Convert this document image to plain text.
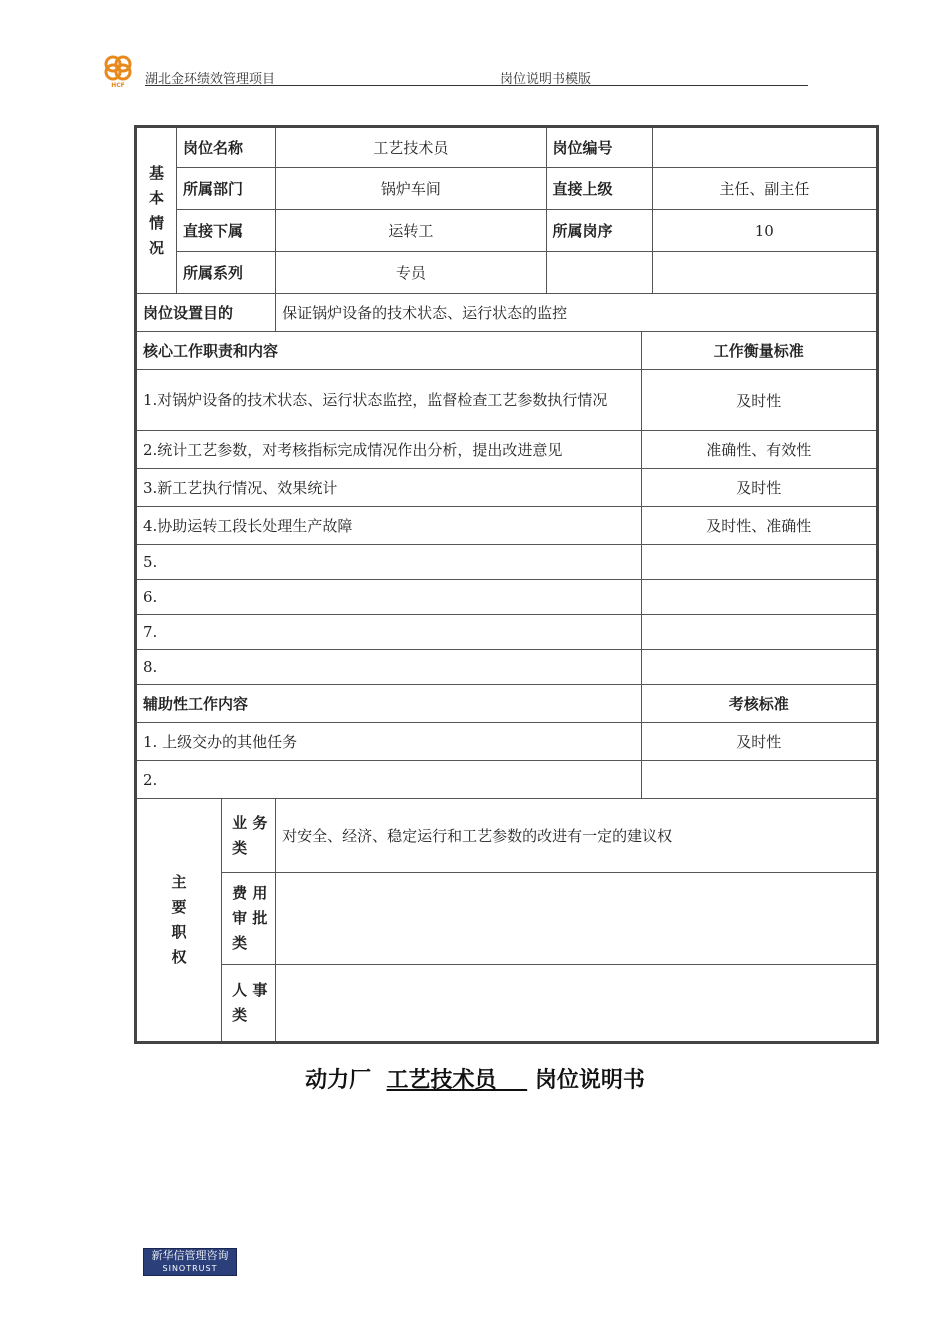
HCF 湖北金环绩效管理项目	岗位说明书模版
基
本
情
况	岗位名称		工艺技术员	岗位编号		
	所属部门		锅炉车间	直接上级		主任、副主任
	直接下属		运转工	所属岗序		10
	所属系列		专员			
岗位设置目的			保证锅炉设备的技术状态、运行状态的监控			
核心工作职责和内容					工作衡量标准	
1.对锅炉设备的技术状态、运行状态监控，监督检查工艺参数执行情况					及时性	
2.统计工艺参数，对考核指标完成情况作出分析，提出改进意见					准确性、有效性	
3.新工艺执行情况、效果统计					及时性	
4.协助运转工段长处理生产故障					及时性、准确性	
5.						
6.						
7.						
8.						
辅助性工作内容					考核标准	
1. 上级交办的其他任务					及时性	
2.						
主
要
职
权		业 务
类	对安全、经济、稳定运行和工艺参数的改进有一定的建议权			
		费 用
审 批
类				
		人 事
类				
动力厂 工艺技术员 岗位说明书
新华信管理咨询
SINOTRUST
